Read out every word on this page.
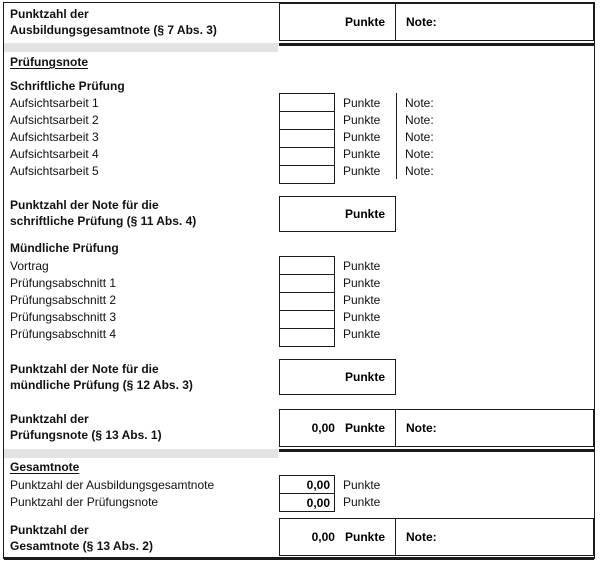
Punktzahl der
Ausbildungsgesamtnote (§ 7 Abs. 3)
Punkte Note:
Prüfungsnote
Schriftliche Prüfung
Aufsichtsarbeit 1
Aufsichtsarbeit 2
Aufsichtsarbeit 3
Aufsichtsarbeit 4
Aufsichtsarbeit 5
Punkte
Punkte
Punkte
Punkte
Punkte
Note:
Note:
Note:
Note:
Note:
Punktzahl der Note für die
schriftliche Prüfung (§ 11 Abs. 4)	Punkte
Mündliche Prüfung
Vortrag
Prüfungsabschnitt 1
Prüfungsabschnitt 2
Prüfungsabschnitt 3
Prüfungsabschnitt 4
Punkte
Punkte
Punkte
Punkte
Punkte
Punktzahl der Note für die
mündliche Prüfung (§ 12 Abs. 3)
Punkte
Punktzahl der
Prüfungsnote (§ 13 Abs. 1)	0,00 Punkte Note:
Gesamtnote
Punktzahl der Ausbildungsgesamtnote
Punktzahl der Prüfungsnote
0,00
0,00
Punkte
Punkte
Punktzahl der
Gesamtnote (§ 13 Abs. 2)
0,00 Punkte Note:
